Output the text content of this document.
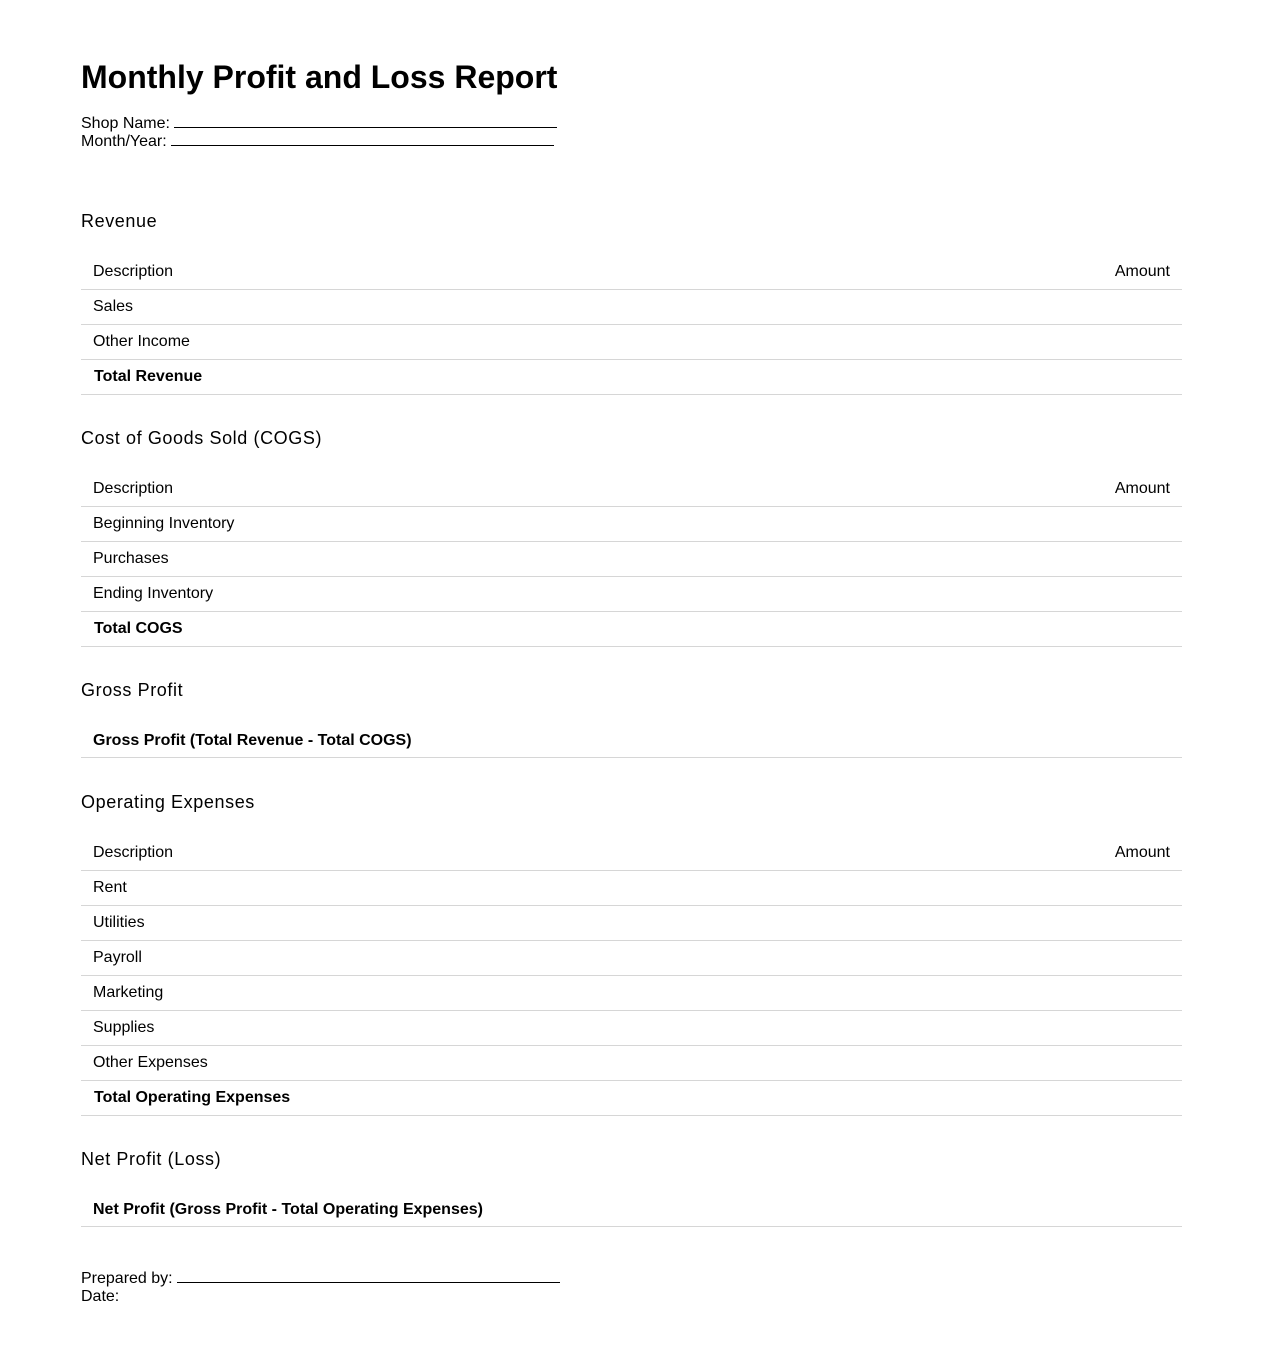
Monthly Profit and Loss Report
Shop Name:
Month/Year:
Revenue
Description	Amount
Sales	
Other Income	
Total Revenue	
Cost of Goods Sold (COGS)
Description	Amount
Beginning Inventory	
Purchases	
Ending Inventory	
Total COGS	
Gross Profit
Gross Profit (Total Revenue - Total COGS)
Operating Expenses
Description	Amount
Rent	
Utilities	
Payroll	
Marketing	
Supplies	
Other Expenses	
Total Operating Expenses	
Net Profit (Loss)
Net Profit (Gross Profit - Total Operating Expenses)
Prepared by:
Date:
